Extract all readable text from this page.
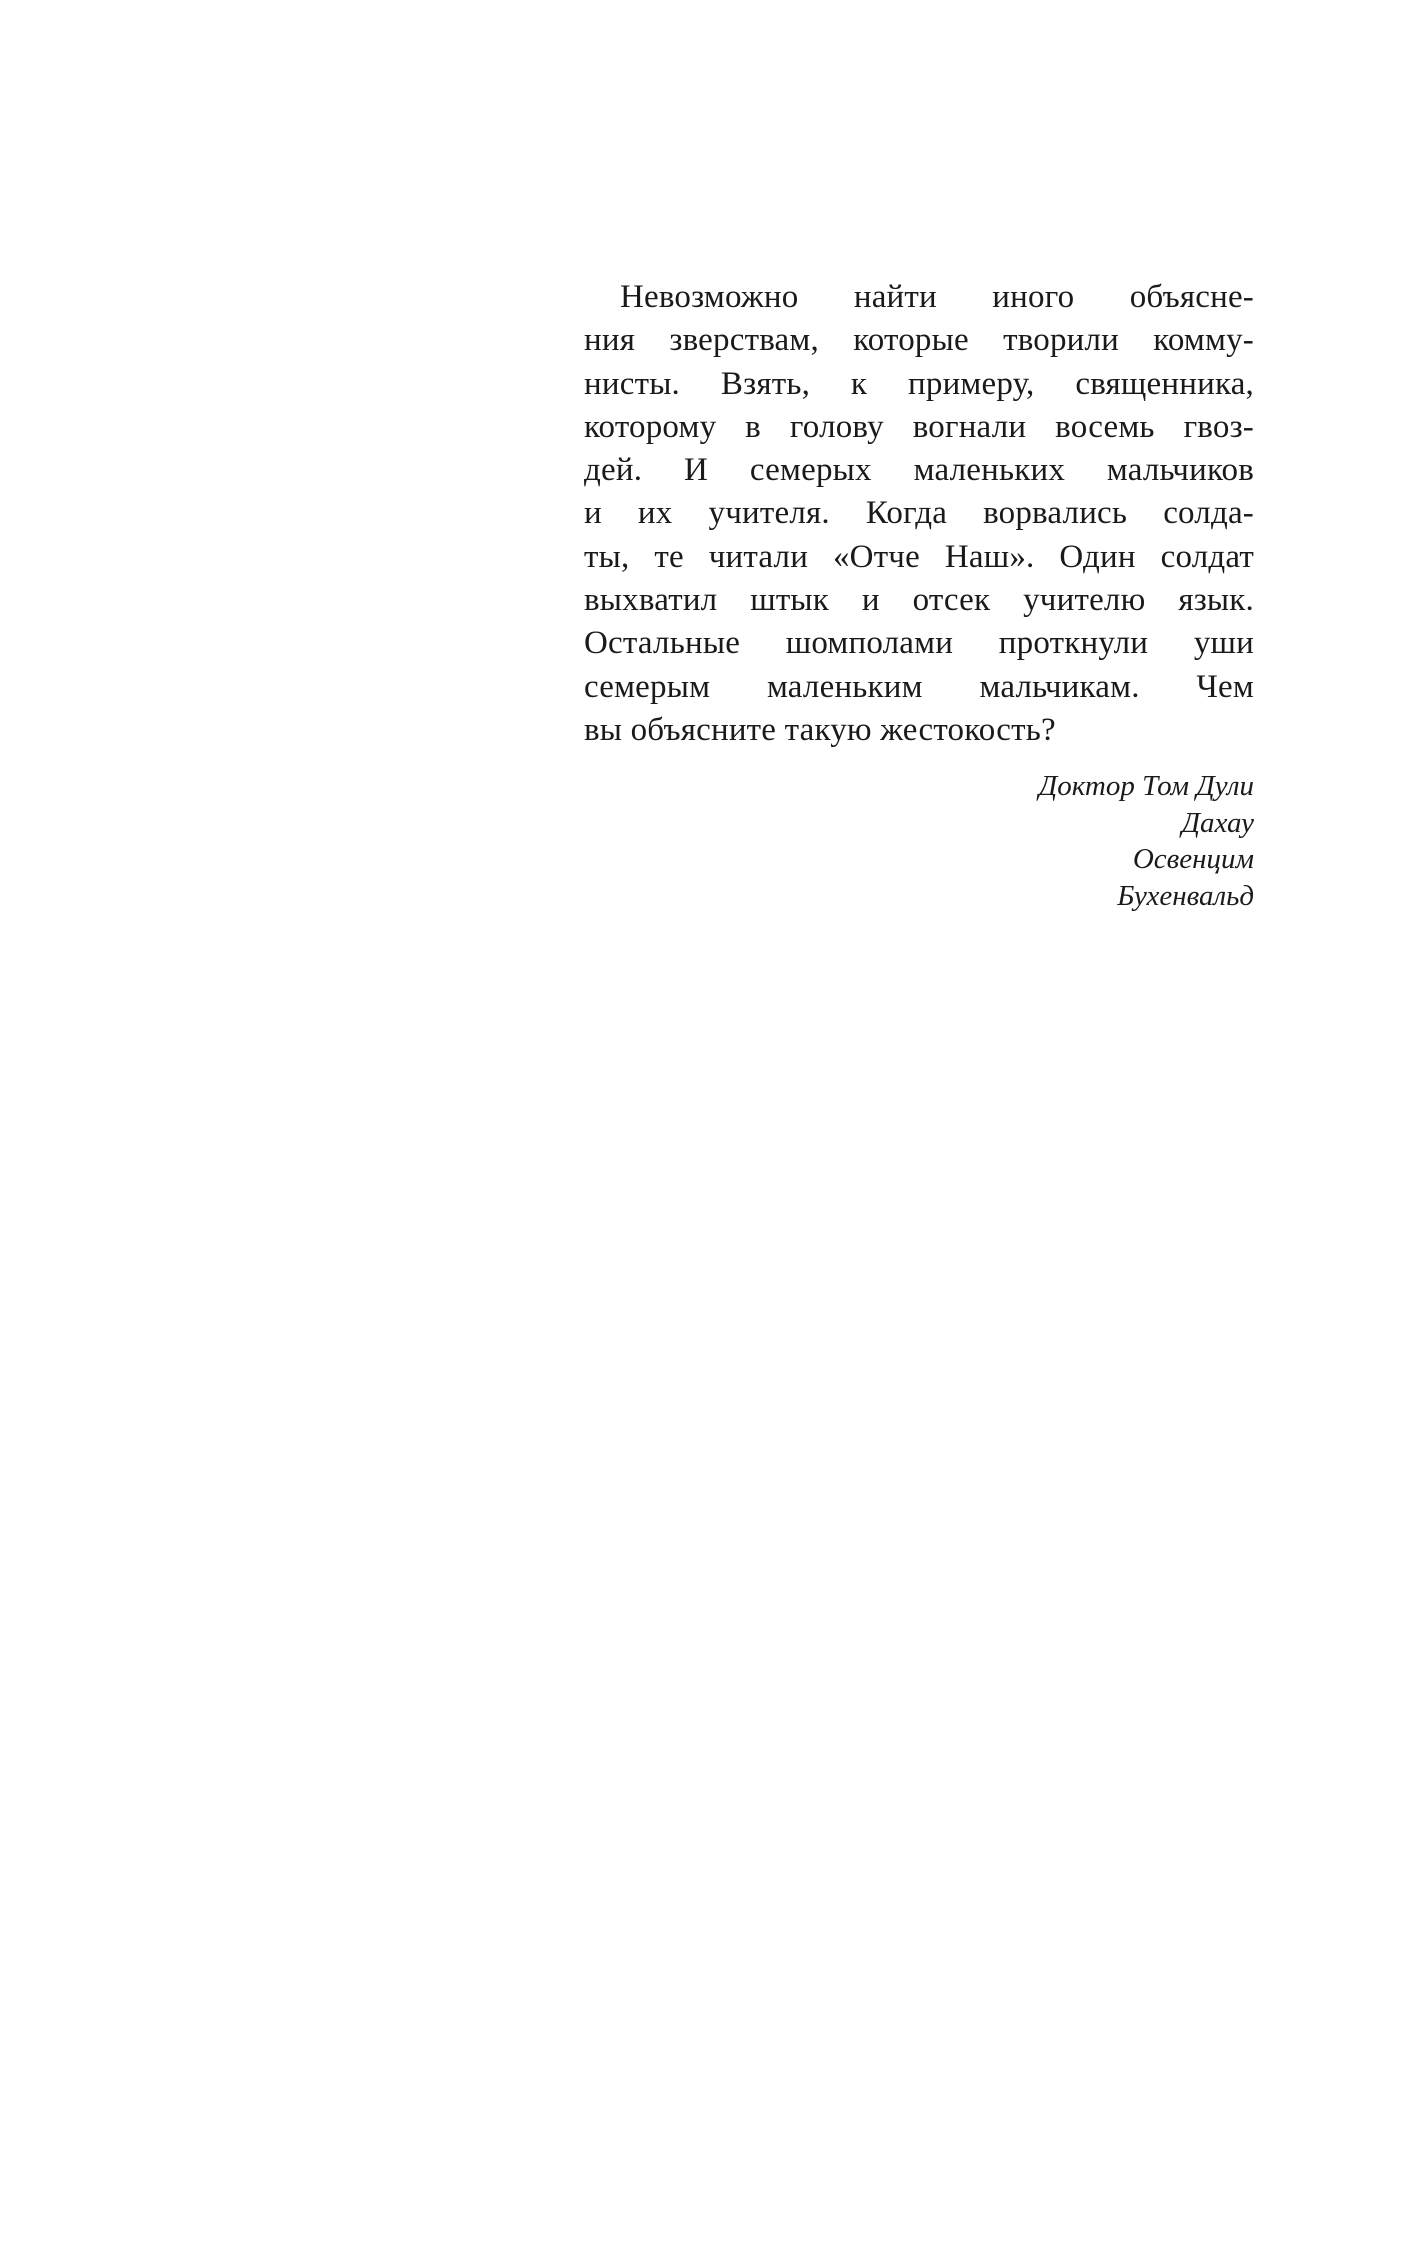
Невозможно найти иного объясне-
ния зверствам, которые творили комму-
нисты. Взять, к примеру, священника,
которому в голову вогнали восемь гвоз-
дей. И семерых маленьких мальчиков
и их учителя. Когда ворвались солда-
ты, те читали «Отче Наш». Один солдат
выхватил штык и отсек учителю язык.
Остальные шомполами проткнули уши
семерым маленьким мальчикам. Чем
вы объясните такую жестокость?
Доктор Том Дули
Дахау
Освенцим
Бухенвальд
